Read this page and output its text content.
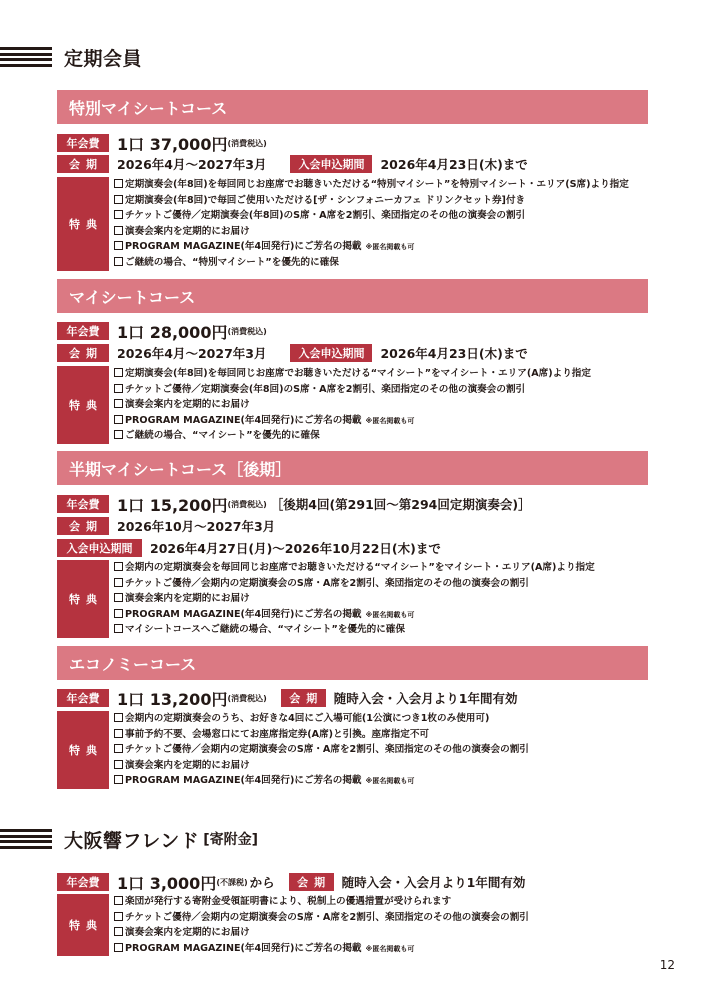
定期会員
特別マイシートコース
年会費	1口 37,000円 (消費税込)
会期	2026年4月～2027年3月	入会申込期間	2026年4月23日(木)まで
特典
定期演奏会(年8回)を毎回同じお座席でお聴きいただける“特別マイシート”を特別マイシート・エリア(S席)より指定
定期演奏会(年8回)で毎回ご使用いただける[ザ・シンフォニーカフェ ドリンクセット券]付き
チケットご優待／定期演奏会(年8回)のS席・A席を2割引、楽団指定のその他の演奏会の割引
演奏会案内を定期的にお届け
PROGRAM MAGAZINE(年4回発行)にご芳名の掲載 ※匿名掲載も可
ご継続の場合、“特別マイシート”を優先的に確保
マイシートコース
年会費	1口 28,000円 (消費税込)
会期	2026年4月～2027年3月	入会申込期間	2026年4月23日(木)まで
特典
定期演奏会(年8回)を毎回同じお座席でお聴きいただける“マイシート”をマイシート・エリア(A席)より指定
チケットご優待／定期演奏会(年8回)のS席・A席を2割引、楽団指定のその他の演奏会の割引
演奏会案内を定期的にお届け
PROGRAM MAGAZINE(年4回発行)にご芳名の掲載 ※匿名掲載も可
ご継続の場合、“マイシート”を優先的に確保
半期マイシートコース［後期］
年会費	1口 15,200円 (消費税込) ［後期4回(第291回～第294回定期演奏会)］
会期	2026年10月～2027年3月
入会申込期間	2026年4月27日(月)～2026年10月22日(木)まで
特典
会期内の定期演奏会を毎回同じお座席でお聴きいただける“マイシート”をマイシート・エリア(A席)より指定
チケットご優待／会期内の定期演奏会のS席・A席を2割引、楽団指定のその他の演奏会の割引
演奏会案内を定期的にお届け
PROGRAM MAGAZINE(年4回発行)にご芳名の掲載 ※匿名掲載も可
マイシートコースへご継続の場合、“マイシート”を優先的に確保
エコノミーコース
年会費	1口 13,200円 (消費税込)	会期 随時入会・入会月より1年間有効
特典
会期内の定期演奏会のうち、お好きな4回にご入場可能(1公演につき1枚のみ使用可)
事前予約不要、会場窓口にてお座席指定券(A席)と引換。座席指定不可
チケットご優待／会期内の定期演奏会のS席・A席を2割引、楽団指定のその他の演奏会の割引
演奏会案内を定期的にお届け
PROGRAM MAGAZINE(年4回発行)にご芳名の掲載 ※匿名掲載も可
大阪響フレンド [寄附金]
年会費	1口 3,000円 (不課税) から	会期 随時入会・入会月より1年間有効
特典
楽団が発行する寄附金受領証明書により、税制上の優遇措置が受けられます
チケットご優待／会期内の定期演奏会のS席・A席を2割引、楽団指定のその他の演奏会の割引
演奏会案内を定期的にお届け
PROGRAM MAGAZINE(年4回発行)にご芳名の掲載 ※匿名掲載も可
12
